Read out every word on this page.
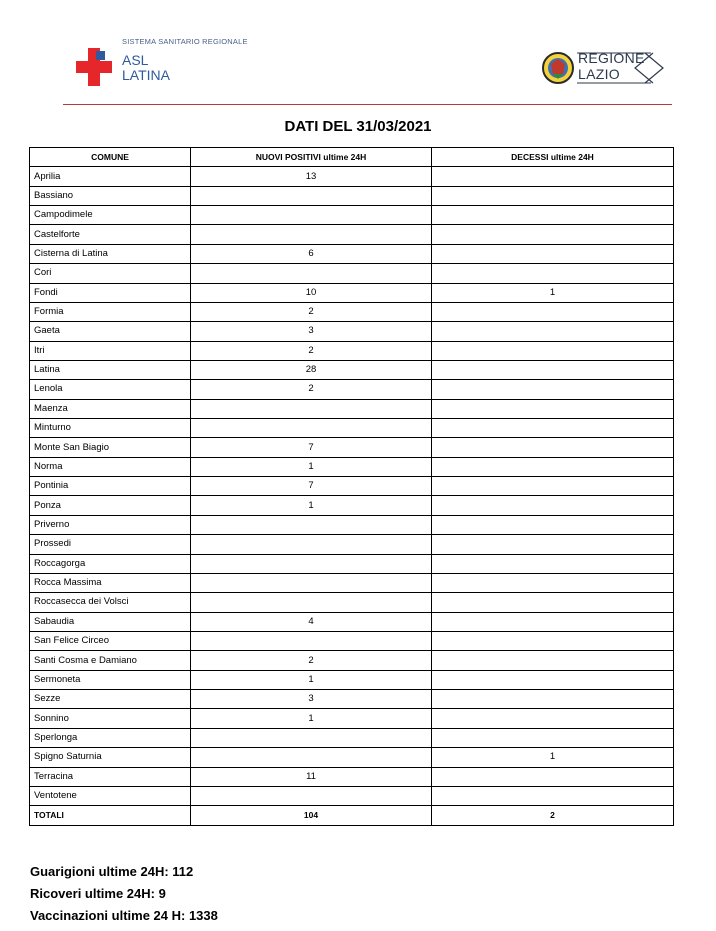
SISTEMA SANITARIO REGIONALE
ASL
LATINA
REGIONE
LAZIO
DATI DEL 31/03/2021
COMUNE	NUOVI POSITIVI ultime 24H	DECESSI ultime 24H
Aprilia	13	
Bassiano		
Campodimele		
Castelforte		
Cisterna di Latina	6	
Cori		
Fondi	10	1
Formia	2	
Gaeta	3	
Itri	2	
Latina	28	
Lenola	2	
Maenza		
Minturno		
Monte San Biagio	7	
Norma	1	
Pontinia	7	
Ponza	1	
Priverno		
Prossedi		
Roccagorga		
Rocca Massima		
Roccasecca dei Volsci		
Sabaudia	4	
San Felice Circeo		
Santi Cosma e Damiano	2	
Sermoneta	1	
Sezze	3	
Sonnino	1	
Sperlonga		
Spigno Saturnia		1
Terracina	11	
Ventotene		
TOTALI	104	2
Guarigioni ultime 24H: 112
Ricoveri ultime 24H: 9
Vaccinazioni ultime 24 H: 1338
